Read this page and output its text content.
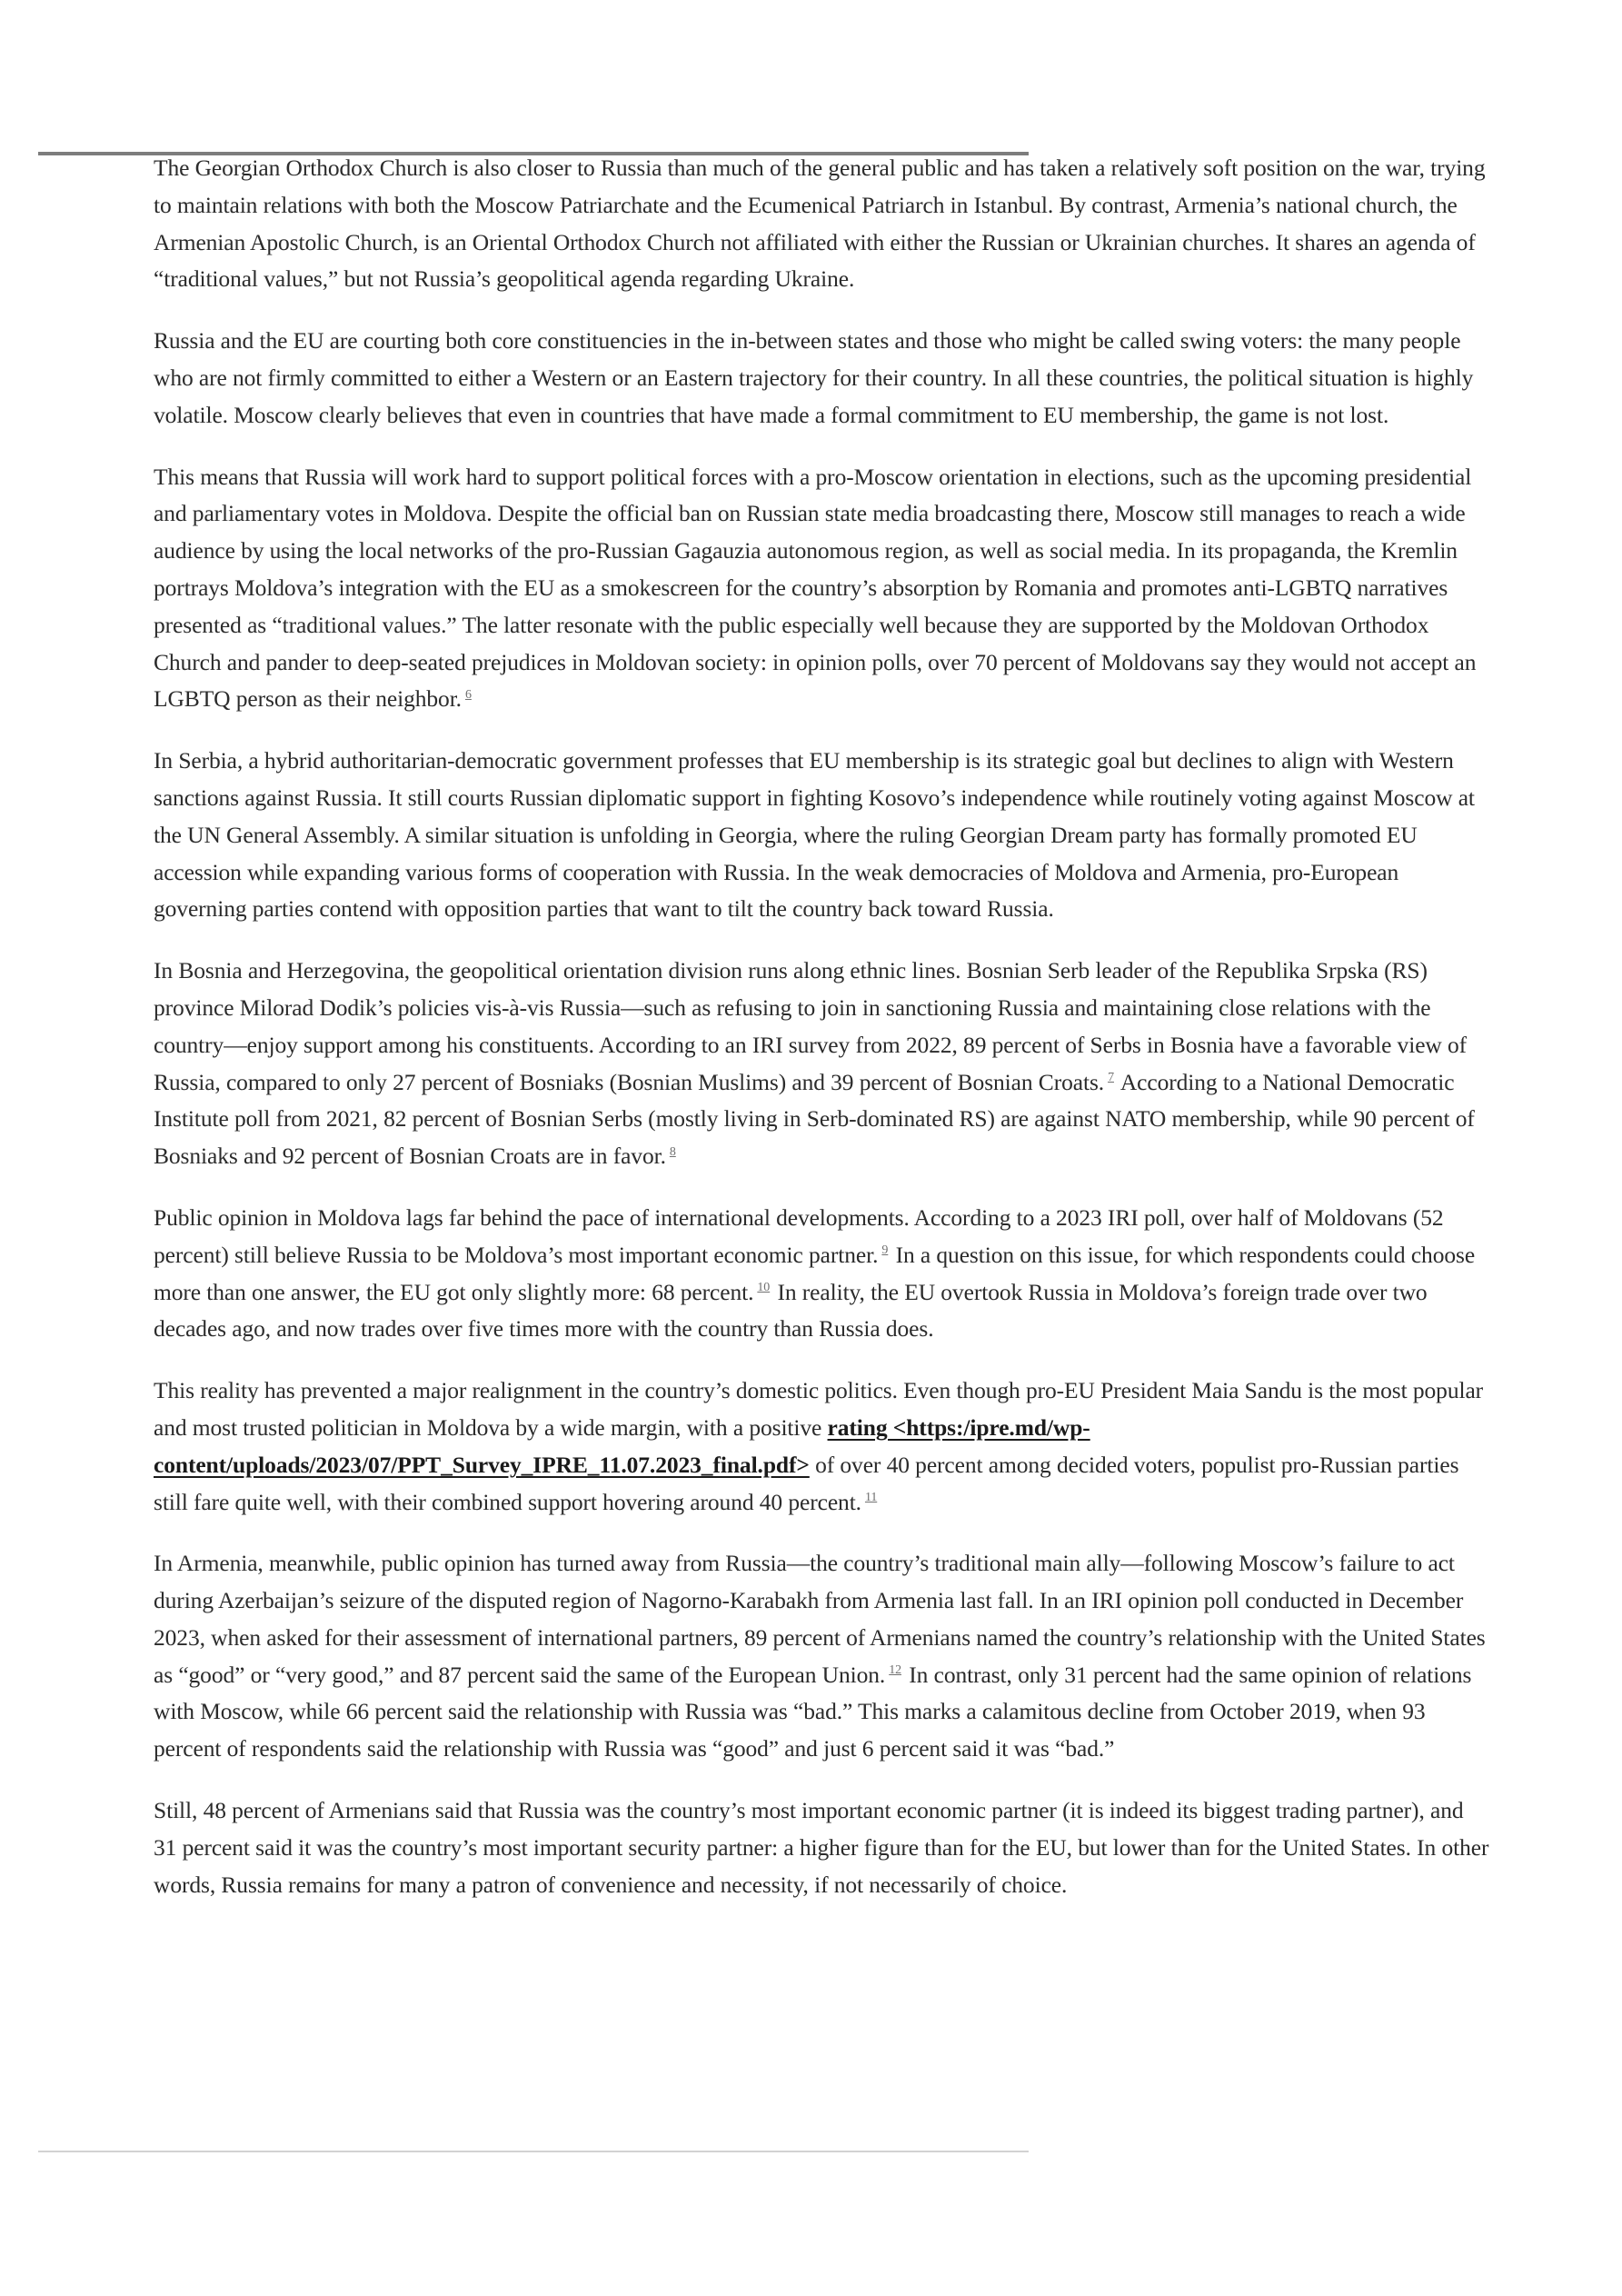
The Georgian Orthodox Church is also closer to Russia than much of the general public and has taken a relatively soft position on the war, trying to maintain relations with both the Moscow Patriarchate and the Ecumenical Patriarch in Istanbul. By contrast, Armenia’s national church, the Armenian Apostolic Church, is an Oriental Orthodox Church not affiliated with either the Russian or Ukrainian churches. It shares an agenda of “traditional values,” but not Russia’s geopolitical agenda regarding Ukraine.

Russia and the EU are courting both core constituencies in the in-between states and those who might be called swing voters: the many people who are not firmly committed to either a Western or an Eastern trajectory for their country. In all these countries, the political situation is highly volatile. Moscow clearly believes that even in countries that have made a formal commitment to EU membership, the game is not lost.

This means that Russia will work hard to support political forces with a pro-Moscow orientation in elections, such as the upcoming presidential and parliamentary votes in Moldova. Despite the official ban on Russian state media broadcasting there, Moscow still manages to reach a wide audience by using the local networks of the pro-Russian Gagauzia autonomous region, as well as social media. In its propaganda, the Kremlin portrays Moldova’s integration with the EU as a smokescreen for the country’s absorption by Romania and promotes anti-LGBTQ narratives presented as “traditional values.” The latter resonate with the public especially well because they are supported by the Moldovan Orthodox Church and pander to deep-seated prejudices in Moldovan society: in opinion polls, over 70 percent of Moldovans say they would not accept an LGBTQ person as their neighbor. $^6$

In Serbia, a hybrid authoritarian-democratic government professes that EU membership is its strategic goal but declines to align with Western sanctions against Russia. It still courts Russian diplomatic support in fighting Kosovo’s independence while routinely voting against Moscow at the UN General Assembly. A similar situation is unfolding in Georgia, where the ruling Georgian Dream party has formally promoted EU accession while expanding various forms of cooperation with Russia. In the weak democracies of Moldova and Armenia, pro-European governing parties contend with opposition parties that want to tilt the country back toward Russia.

In Bosnia and Herzegovina, the geopolitical orientation division runs along ethnic lines. Bosnian Serb leader of the Republika Srpska (RS) province Milorad Dodik’s policies vis-à-vis Russia—such as refusing to join in sanctioning Russia and maintaining close relations with the country—enjoy support among his constituents. According to an IRI survey from 2022, 89 percent of Serbs in Bosnia have a favorable view of Russia, compared to only 27 percent of Bosniaks (Bosnian Muslims) and 39 percent of Bosnian Croats. $^7$ According to a National Democratic Institute poll from 2021, 82 percent of Bosnian Serbs (mostly living in Serb-dominated RS) are against NATO membership, while 90 percent of Bosniaks and 92 percent of Bosnian Croats are in favor. $^8$

Public opinion in Moldova lags far behind the pace of international developments. According to a 2023 IRI poll, over half of Moldovans (52 percent) still believe Russia to be Moldova’s most important economic partner. $^9$ In a question on this issue, for which respondents could choose more than one answer, the EU got only slightly more: 68 percent. $^{10}$ In reality, the EU overtook Russia in Moldova’s foreign trade over two decades ago, and now trades over five times more with the country than Russia does.

This reality has prevented a major realignment in the country’s domestic politics. Even though pro-EU President Maia Sandu is the most popular and most trusted politician in Moldova by a wide margin, with a positive rating <https:/ipre.md/wp-content/uploads/2023/07/PPT_Survey_IPRE_11.07.2023_final.pdf> of over 40 percent among decided voters, populist pro-Russian parties still fare quite well, with their combined support hovering around 40 percent. $^{11}$

In Armenia, meanwhile, public opinion has turned away from Russia—the country’s traditional main ally—following Moscow’s failure to act during Azerbaijan’s seizure of the disputed region of Nagorno-Karabakh from Armenia last fall. In an IRI opinion poll conducted in December 2023, when asked for their assessment of international partners, 89 percent of Armenians named the country’s relationship with the United States as “good” or “very good,” and 87 percent said the same of the European Union. $^{12}$ In contrast, only 31 percent had the same opinion of relations with Moscow, while 66 percent said the relationship with Russia was “bad.” This marks a calamitous decline from October 2019, when 93 percent of respondents said the relationship with Russia was “good” and just 6 percent said it was “bad.”

Still, 48 percent of Armenians said that Russia was the country’s most important economic partner (it is indeed its biggest trading partner), and 31 percent said it was the country’s most important security partner: a higher figure than for the EU, but lower than for the United States. In other words, Russia remains for many a patron of convenience and necessity, if not necessarily of choice.
